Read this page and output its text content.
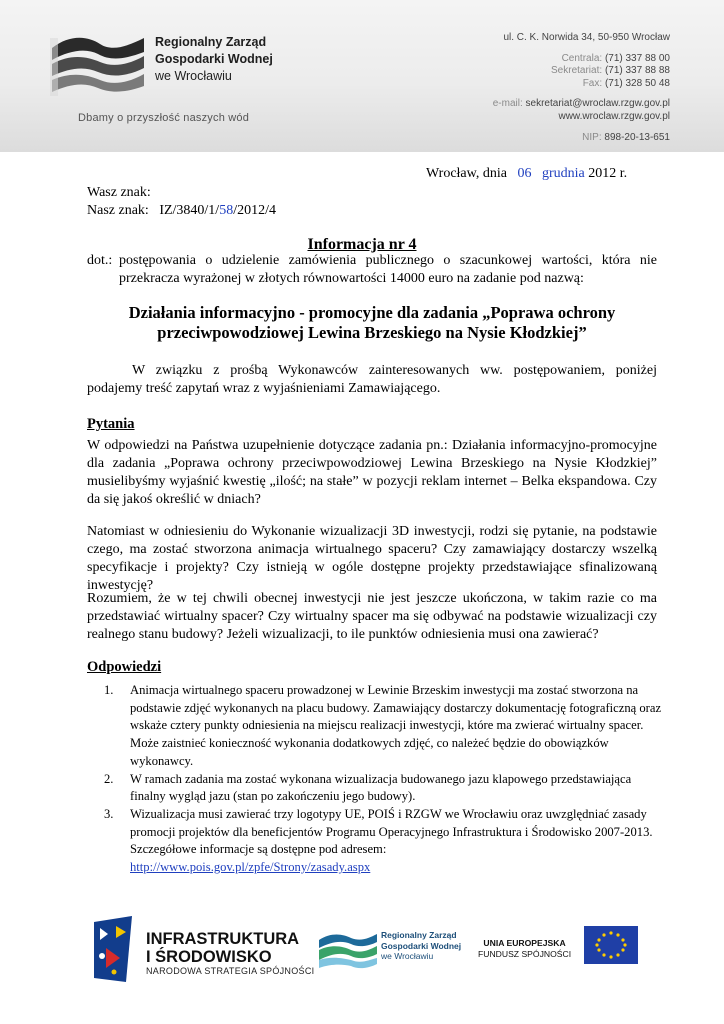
Regionalny Zarząd
Gospodarki Wodnej
we Wrocławiu
Dbamy o przyszłość naszych wód
ul. C. K. Norwida 34, 50-950 Wrocław
Centrala: (71) 337 88 00
Sekretariat: (71) 337 88 88
Fax: (71) 328 50 48
e-mail: sekretariat@wroclaw.rzgw.gov.pl
www.wroclaw.rzgw.gov.pl
NIP: 898-20-13-651
Wrocław, dnia 06 grudnia 2012 r.
Wasz znak:
Nasz znak: IZ/3840/1/58/2012/4
Informacja nr 4
dot.: postępowania o udzielenie zamówienia publicznego o szacunkowej wartości, która nie przekracza wyrażonej w złotych równowartości 14000 euro na zadanie pod nazwą:
Działania informacyjno - promocyjne dla zadania „Poprawa ochrony przeciwpowodziowej Lewina Brzeskiego na Nysie Kłodzkiej”
W związku z prośbą Wykonawców zainteresowanych ww. postępowaniem, poniżej podajemy treść zapytań wraz z wyjaśnieniami Zamawiającego.
Pytania
W odpowiedzi na Państwa uzupełnienie dotyczące zadania pn.: Działania informacyjno-promocyjne dla zadania „Poprawa ochrony przeciwpowodziowej Lewina Brzeskiego na Nysie Kłodzkiej” musielibyśmy wyjaśnić kwestię „ilość; na stałe” w pozycji reklam internet – Belka ekspandowa. Czy da się jakoś określić w dniach?
Natomiast w odniesieniu do Wykonanie wizualizacji 3D inwestycji, rodzi się pytanie, na podstawie czego, ma zostać stworzona animacja wirtualnego spaceru? Czy zamawiający dostarczy wszelką specyfikacje i projekty? Czy istnieją w ogóle dostępne projekty przedstawiające sfinalizowaną inwestycję?
Rozumiem, że w tej chwili obecnej inwestycji nie jest jeszcze ukończona, w takim razie co ma przedstawiać wirtualny spacer? Czy wirtualny spacer ma się odbywać na podstawie wizualizacji czy realnego stanu budowy? Jeżeli wizualizacji, to ile punktów odniesienia musi ona zawierać?
Odpowiedzi
1.	Animacja wirtualnego spaceru prowadzonej w Lewinie Brzeskim inwestycji ma zostać stworzona na podstawie zdjęć wykonanych na placu budowy. Zamawiający dostarczy dokumentację fotograficzną oraz wskaże cztery punkty odniesienia na miejscu realizacji inwestycji, które ma zwierać wirtualny spacer. Może zaistnieć konieczność wykonania dodatkowych zdjęć, co należeć będzie do obowiązków wykonawcy.
2.	W ramach zadania ma zostać wykonana wizualizacja budowanego jazu klapowego przedstawiająca finalny wygląd jazu (stan po zakończeniu jego budowy).
3.	Wizualizacja musi zawierać trzy logotypy UE, POIŚ i RZGW we Wrocławiu oraz uwzględniać zasady promocji projektów dla beneficjentów Programu Operacyjnego Infrastruktura i Środowisko 2007-2013. Szczegółowe informacje są dostępne pod adresem:
http://www.pois.gov.pl/zpfe/Strony/zasady.aspx
INFRASTRUKTURA
I ŚRODOWISKO
NARODOWA STRATEGIA SPÓJNOŚCI
Regionalny Zarząd
Gospodarki Wodnej
we Wrocławiu
UNIA EUROPEJSKA
FUNDUSZ SPÓJNOŚCI
